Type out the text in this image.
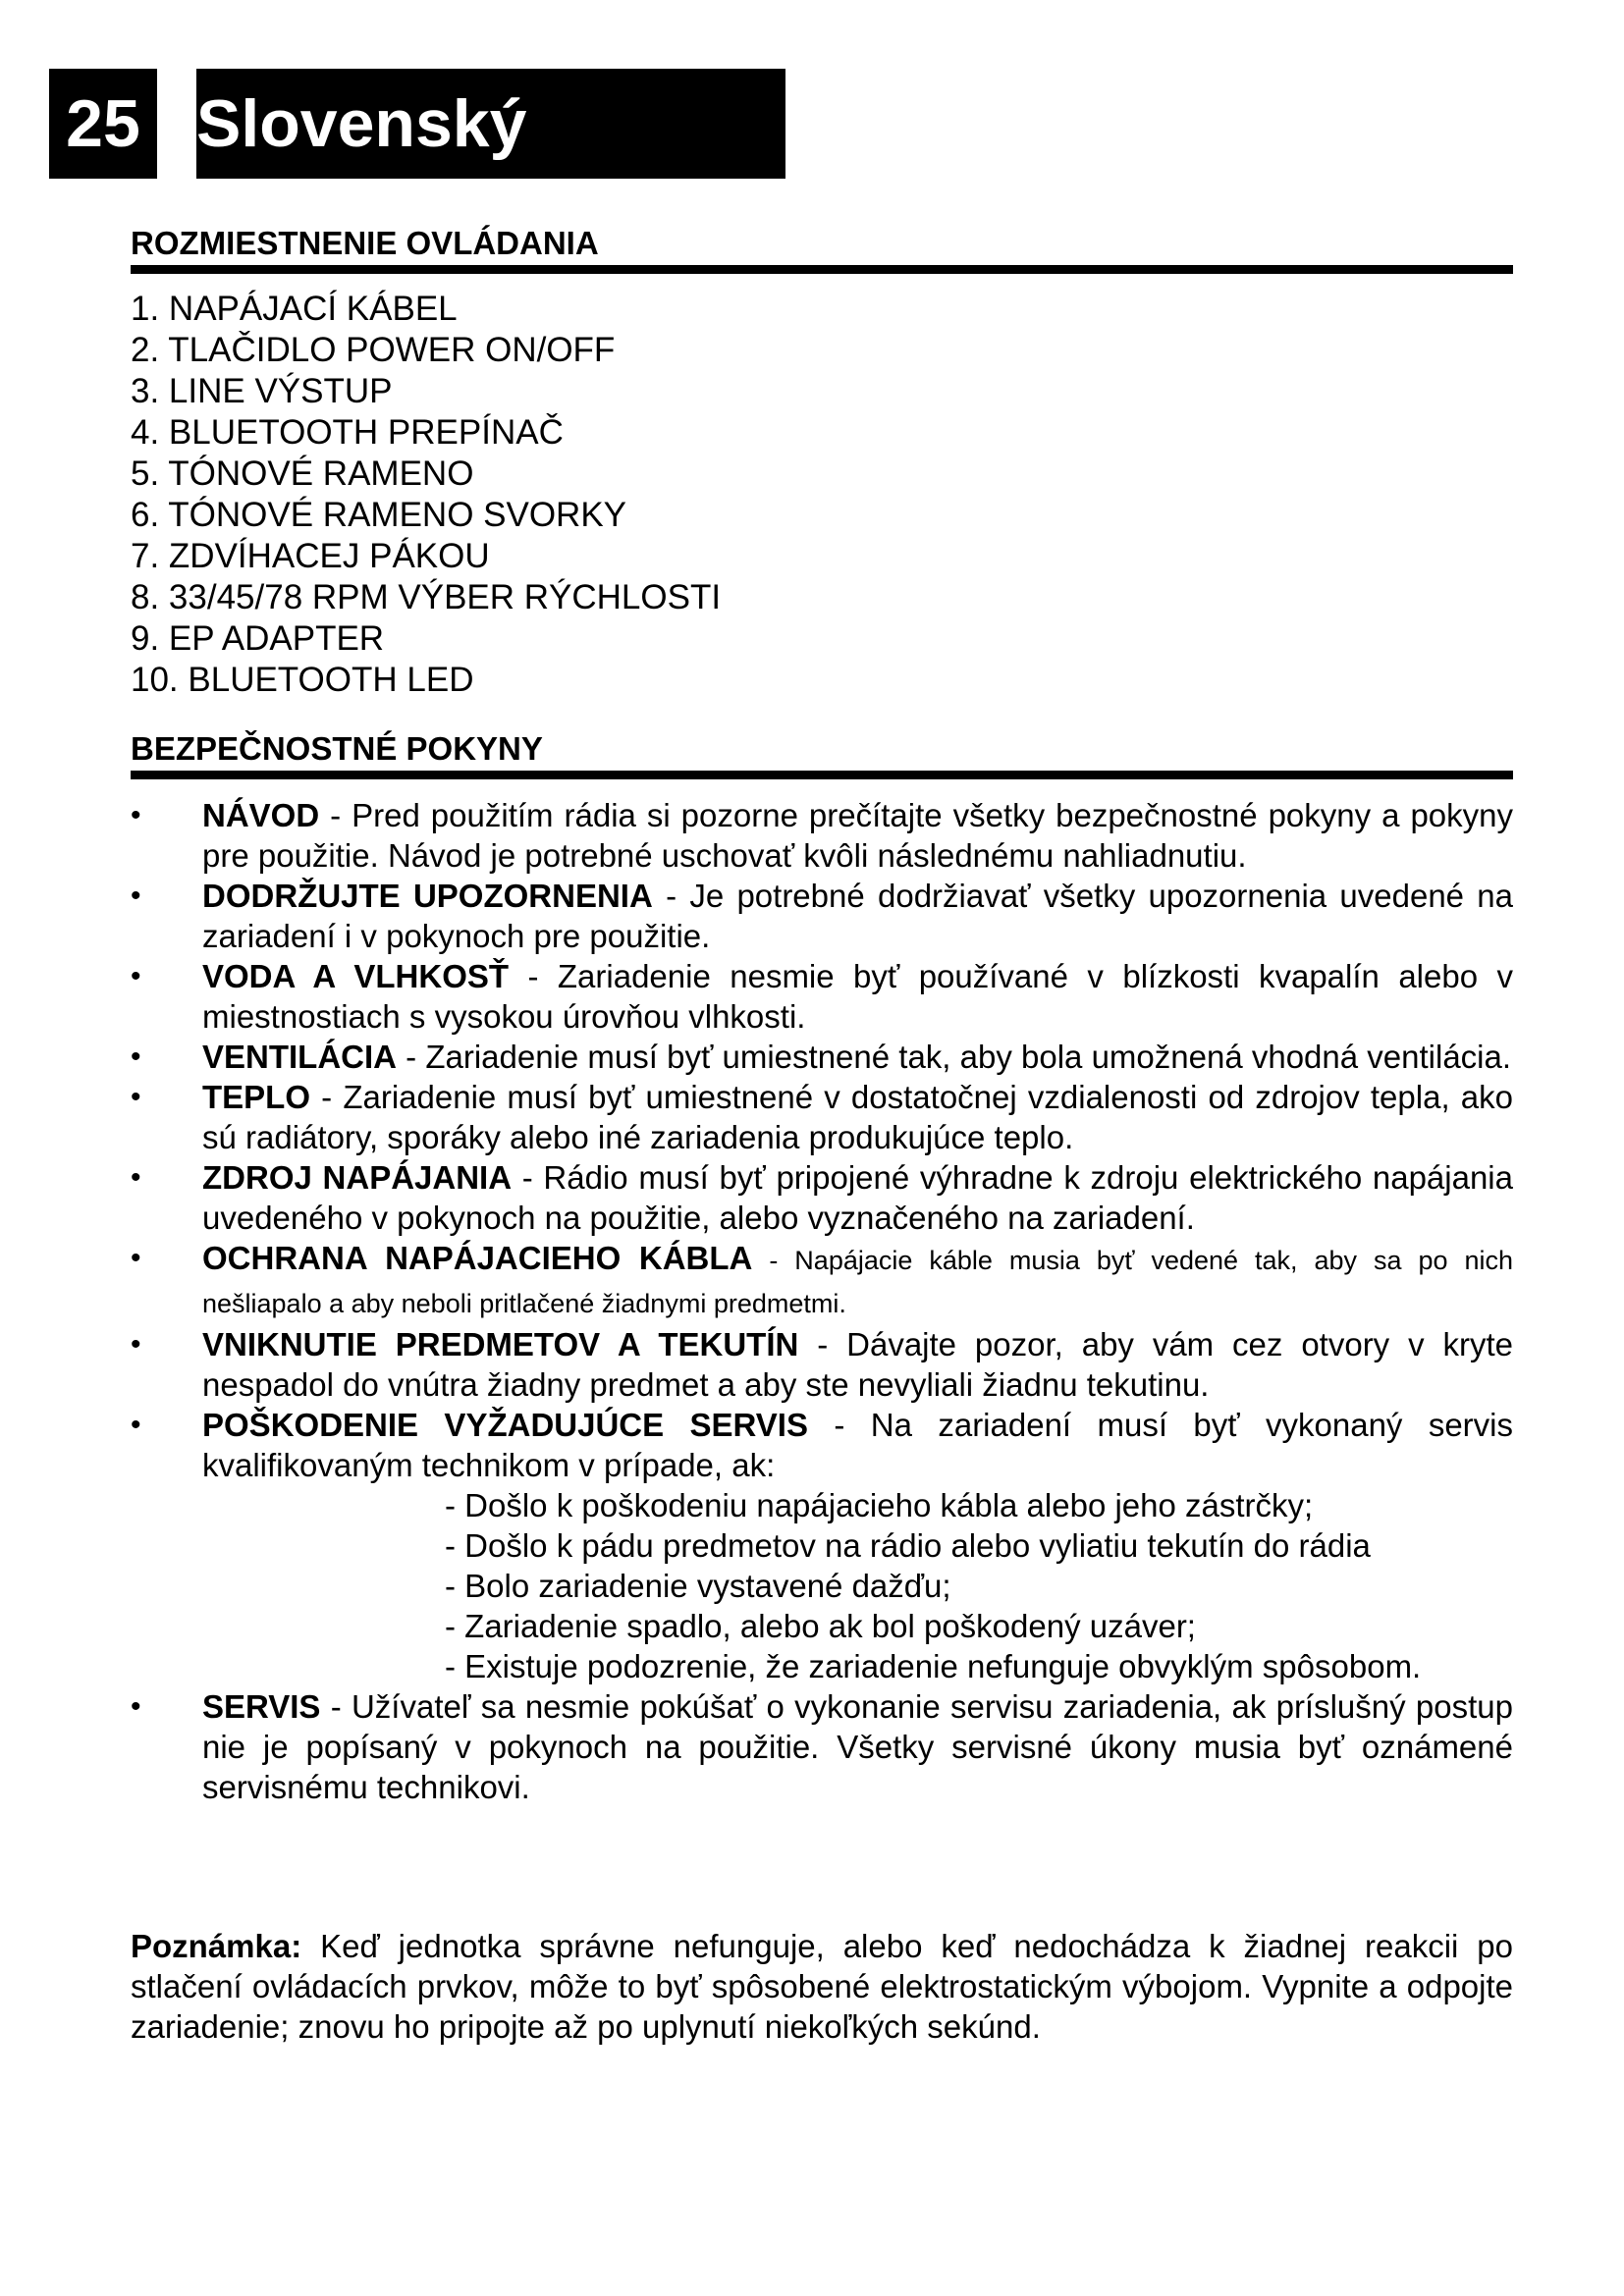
25 Slovenský
ROZMIESTNENIE OVLÁDANIA
1. NAPÁJACÍ KÁBEL
2. TLAČIDLO POWER ON/OFF
3. LINE VÝSTUP
4. BLUETOOTH PREPÍNAČ
5. TÓNOVÉ RAMENO
6. TÓNOVÉ RAMENO SVORKY
7. ZDVÍHACEJ PÁKOU
8. 33/45/78 RPM VÝBER RÝCHLOSTI
9. EP ADAPTER
10. BLUETOOTH LED
BEZPEČNOSTNÉ POKYNY
• NÁVOD - Pred použitím rádia si pozorne prečítajte všetky bezpečnostné pokyny a pokyny pre použitie. Návod je potrebné uschovať kvôli následnému nahliadnutiu.
• DODRŽUJTE UPOZORNENIA - Je potrebné dodržiavať všetky upozornenia uvedené na zariadení i v pokynoch pre použitie.
• VODA A VLHKOSŤ - Zariadenie nesmie byť používané v blízkosti kvapalín alebo v miestnostiach s vysokou úrovňou vlhkosti.
• VENTILÁCIA - Zariadenie musí byť umiestnené tak, aby bola umožnená vhodná ventilácia.
• TEPLO - Zariadenie musí byť umiestnené v dostatočnej vzdialenosti od zdrojov tepla, ako sú radiátory, sporáky alebo iné zariadenia produkujúce teplo.
• ZDROJ NAPÁJANIA - Rádio musí byť pripojené výhradne k zdroju elektrického napájania uvedeného v pokynoch na použitie, alebo vyznačeného na zariadení.
• OCHRANA NAPÁJACIEHO KÁBLA - Napájacie káble musia byť vedené tak, aby sa po nich nešliapalo a aby neboli pritlačené žiadnymi predmetmi.
• VNIKNUTIE PREDMETOV A TEKUTÍN - Dávajte pozor, aby vám cez otvory v kryte nespadol do vnútra žiadny predmet a aby ste nevyliali žiadnu tekutinu.
• POŠKODENIE VYŽADUJÚCE SERVIS - Na zariadení musí byť vykonaný servis kvalifikovaným technikom v prípade, ak:
- Došlo k poškodeniu napájacieho kábla alebo jeho zástrčky;
- Došlo k pádu predmetov na rádio alebo vyliatiu tekutín do rádia
- Bolo zariadenie vystavené dažďu;
- Zariadenie spadlo, alebo ak bol poškodený uzáver;
- Existuje podozrenie, že zariadenie nefunguje obvyklým spôsobom.
• SERVIS - Užívateľ sa nesmie pokúšať o vykonanie servisu zariadenia, ak príslušný postup nie je popísaný v pokynoch na použitie. Všetky servisné úkony musia byť oznámené servisnému technikovi.
Poznámka: Keď jednotka správne nefunguje, alebo keď nedochádza k žiadnej reakcii po stlačení ovládacích prvkov, môže to byť spôsobené elektrostatickým výbojom. Vypnite a odpojte zariadenie; znovu ho pripojte až po uplynutí niekoľkých sekúnd.
